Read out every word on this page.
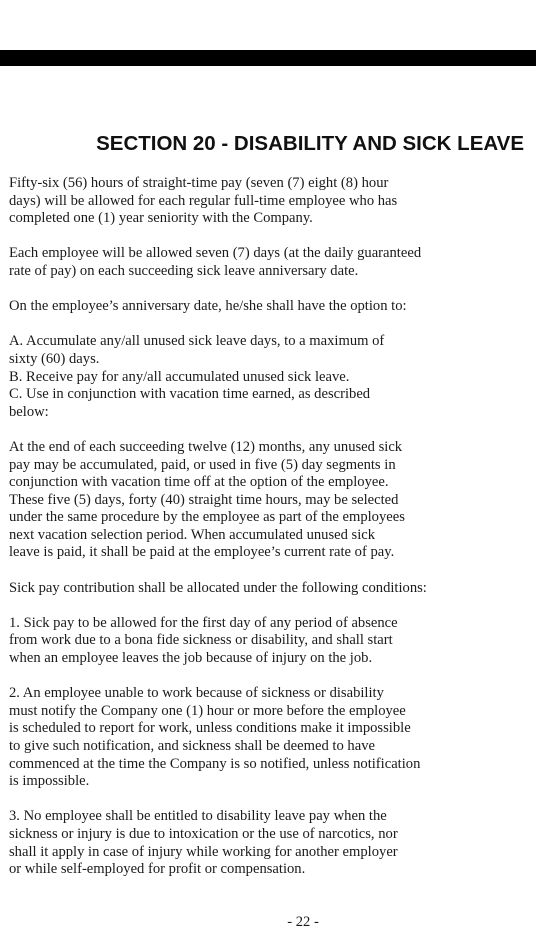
SECTION 20 - DISABILITY AND SICK LEAVE
Fifty-six (56) hours of straight-time pay (seven (7) eight (8) hour
days) will be allowed for each regular full-time employee who has
completed one (1) year seniority with the Company.
Each employee will be allowed seven (7) days (at the daily guaranteed
rate of pay) on each succeeding sick leave anniversary date.
On the employee’s anniversary date, he/she shall have the option to:
A. Accumulate any/all unused sick leave days, to a maximum of
sixty (60) days.
B. Receive pay for any/all accumulated unused sick leave.
C. Use in conjunction with vacation time earned, as described
below:
At the end of each succeeding twelve (12) months, any unused sick
pay may be accumulated, paid, or used in five (5) day segments in
conjunction with vacation time off at the option of the employee.
These five (5) days, forty (40) straight time hours, may be selected
under the same procedure by the employee as part of the employees
next vacation selection period. When accumulated unused sick
leave is paid, it shall be paid at the employee’s current rate of pay.
Sick pay contribution shall be allocated under the following conditions:
1. Sick pay to be allowed for the first day of any period of absence
from work due to a bona fide sickness or disability, and shall start
when an employee leaves the job because of injury on the job.
2. An employee unable to work because of sickness or disability
must notify the Company one (1) hour or more before the employee
is scheduled to report for work, unless conditions make it impossible
to give such notification, and sickness shall be deemed to have
commenced at the time the Company is so notified, unless notification
is impossible.
3. No employee shall be entitled to disability leave pay when the
sickness or injury is due to intoxication or the use of narcotics, nor
shall it apply in case of injury while working for another employer
or while self-employed for profit or compensation.
- 22 -
